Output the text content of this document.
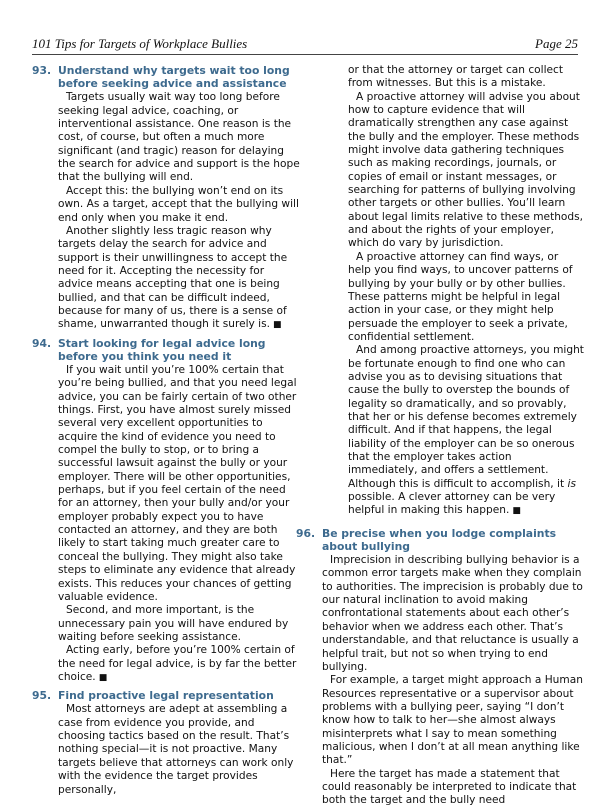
101 Tips for Targets of Workplace Bullies	Page 25
93. Understand why targets wait too long before seeking advice and assistance

Targets usually wait way too long before seeking legal advice, coaching, or interventional assistance. One reason is the cost, of course, but often a much more significant (and tragic) reason for delaying the search for advice and support is the hope that the bullying will end.

Accept this: the bullying won’t end on its own. As a target, accept that the bullying will end only when you make it end.

Another slightly less tragic reason why targets delay the search for advice and support is their unwillingness to accept the need for it. Accepting the necessity for advice means accepting that one is being bullied, and that can be difficult indeed, because for many of us, there is a sense of shame, unwarranted though it surely is. ■

94. Start looking for legal advice long before you think you need it

If you wait until you’re 100% certain that you’re being bullied, and that you need legal advice, you can be fairly certain of two other things. First, you have almost surely missed several very excellent opportunities to acquire the kind of evidence you need to compel the bully to stop, or to bring a successful lawsuit against the bully or your employer. There will be other opportunities, perhaps, but if you feel certain of the need for an attorney, then your bully and/or your employer probably expect you to have contacted an attorney, and they are both likely to start taking much greater care to conceal the bullying. They might also take steps to eliminate any evidence that already exists. This reduces your chances of getting valuable evidence.

Second, and more important, is the unnecessary pain you will have endured by waiting before seeking assistance.

Acting early, before you’re 100% certain of the need for legal advice, is by far the better choice. ■

95. Find proactive legal representation

Most attorneys are adept at assembling a case from evidence you provide, and choosing tactics based on the result. That’s nothing special—it is not proactive. Many targets believe that attorneys can work only with the evidence the target provides personally,

or that the attorney or target can collect from witnesses. But this is a mistake.

A proactive attorney will advise you about how to capture evidence that will dramatically strengthen any case against the bully and the employer. These methods might involve data gathering techniques such as making recordings, journals, or copies of email or instant messages, or searching for patterns of bullying involving other targets or other bullies. You’ll learn about legal limits relative to these methods, and about the rights of your employer, which do vary by jurisdiction.

A proactive attorney can find ways, or help you find ways, to uncover patterns of bullying by your bully or by other bullies. These patterns might be helpful in legal action in your case, or they might help persuade the employer to seek a private, confidential settlement.

And among proactive attorneys, you might be fortunate enough to find one who can advise you as to devising situations that cause the bully to overstep the bounds of legality so dramatically, and so provably, that her or his defense becomes extremely difficult. And if that happens, the legal liability of the employer can be so onerous that the employer takes action immediately, and offers a settlement. Although this is difficult to accomplish, it is possible. A clever attorney can be very helpful in making this happen. ■

96. Be precise when you lodge complaints about bullying

Imprecision in describing bullying behavior is a common error targets make when they complain to authorities. The imprecision is probably due to our natural inclination to avoid making confrontational statements about each other’s behavior when we address each other. That’s understandable, and that reluctance is usually a helpful trait, but not so when trying to end bullying.

For example, a target might approach a Human Resources representative or a supervisor about problems with a bullying peer, saying “I don’t know how to talk to her—she almost always misinterprets what I say to mean something malicious, when I don’t at all mean anything like that.”

Here the target has made a statement that could reasonably be interpreted to indicate that both the target and the bully need
